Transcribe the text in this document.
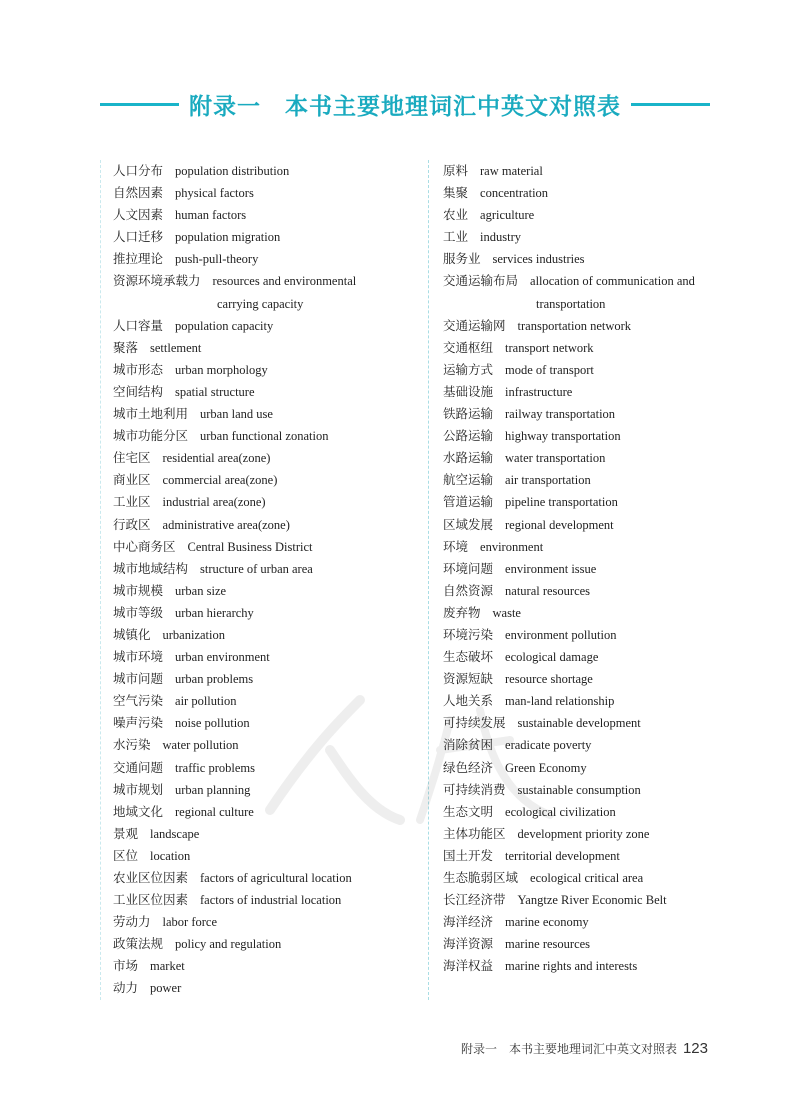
附录一　本书主要地理词汇中英文对照表
人口分布 population distribution
自然因素 physical factors
人文因素 human factors
人口迁移 population migration
推拉理论 push-pull-theory
资源环境承载力 resources and environmental
carrying capacity
人口容量 population capacity
聚落 settlement
城市形态 urban morphology
空间结构 spatial structure
城市土地利用 urban land use
城市功能分区 urban functional zonation
住宅区 residential area(zone)
商业区 commercial area(zone)
工业区 industrial area(zone)
行政区 administrative area(zone)
中心商务区 Central Business District
城市地域结构 structure of urban area
城市规模 urban size
城市等级 urban hierarchy
城镇化 urbanization
城市环境 urban environment
城市问题 urban problems
空气污染 air pollution
噪声污染 noise pollution
水污染 water pollution
交通问题 traffic problems
城市规划 urban planning
地域文化 regional culture
景观 landscape
区位 location
农业区位因素 factors of agricultural location
工业区位因素 factors of industrial location
劳动力 labor force
政策法规 policy and regulation
市场 market
动力 power
原料 raw material
集聚 concentration
农业 agriculture
工业 industry
服务业 services industries
交通运输布局 allocation of communication and
transportation
交通运输网 transportation network
交通枢纽 transport network
运输方式 mode of transport
基础设施 infrastructure
铁路运输 railway transportation
公路运输 highway transportation
水路运输 water transportation
航空运输 air transportation
管道运输 pipeline transportation
区域发展 regional development
环境 environment
环境问题 environment issue
自然资源 natural resources
废弃物 waste
环境污染 environment pollution
生态破坏 ecological damage
资源短缺 resource shortage
人地关系 man-land relationship
可持续发展 sustainable development
消除贫困 eradicate poverty
绿色经济 Green Economy
可持续消费 sustainable consumption
生态文明 ecological civilization
主体功能区 development priority zone
国土开发 territorial development
生态脆弱区域 ecological critical area
长江经济带 Yangtze River Economic Belt
海洋经济 marine economy
海洋资源 marine resources
海洋权益 marine rights and interests
附录一　本书主要地理词汇中英文对照表 123
